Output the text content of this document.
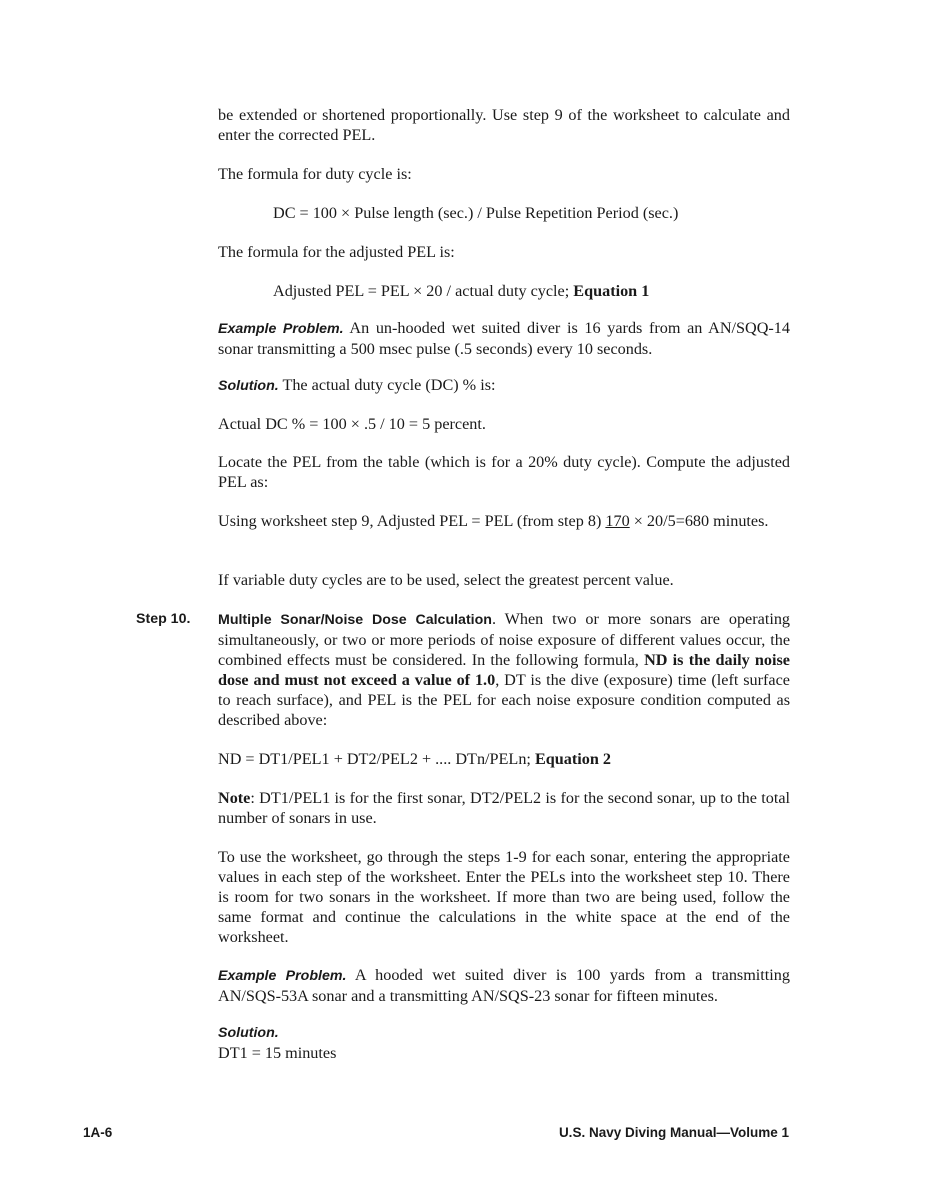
be extended or shortened proportionally. Use step 9 of the worksheet to calculate and enter the corrected PEL.

The formula for duty cycle is:

DC = 100 × Pulse length (sec.) / Pulse Repetition Period (sec.)

The formula for the adjusted PEL is:

Adjusted PEL = PEL × 20 / actual duty cycle; Equation 1

Example Problem. An un-hooded wet suited diver is 16 yards from an AN/SQQ-14 sonar transmitting a 500 msec pulse (.5 seconds) every 10 seconds.

Solution. The actual duty cycle (DC) % is:

Actual DC % = 100 × .5 / 10 = 5 percent.

Locate the PEL from the table (which is for a 20% duty cycle). Compute the adjusted PEL as:

Using worksheet step 9, Adjusted PEL = PEL (from step 8) 170 × 20/5=680 minutes.

If variable duty cycles are to be used, select the greatest percent value.

Step 10. Multiple Sonar/Noise Dose Calculation. When two or more sonars are operating simultaneously, or two or more periods of noise exposure of different values occur, the combined effects must be considered. In the following formula, ND is the daily noise dose and must not exceed a value of 1.0, DT is the dive (exposure) time (left surface to reach surface), and PEL is the PEL for each noise exposure condition computed as described above:

ND = DT1/PEL1 + DT2/PEL2 + .... DTn/PELn; Equation 2

Note: DT1/PEL1 is for the first sonar, DT2/PEL2 is for the second sonar, up to the total number of sonars in use.

To use the worksheet, go through the steps 1-9 for each sonar, entering the appropriate values in each step of the worksheet. Enter the PELs into the worksheet step 10. There is room for two sonars in the worksheet. If more than two are being used, follow the same format and continue the calculations in the white space at the end of the worksheet.

Example Problem. A hooded wet suited diver is 100 yards from a transmitting AN/SQS-53A sonar and a transmitting AN/SQS-23 sonar for fifteen minutes.

Solution.
DT1 = 15 minutes
1A-6	U.S. Navy Diving Manual—Volume 1
